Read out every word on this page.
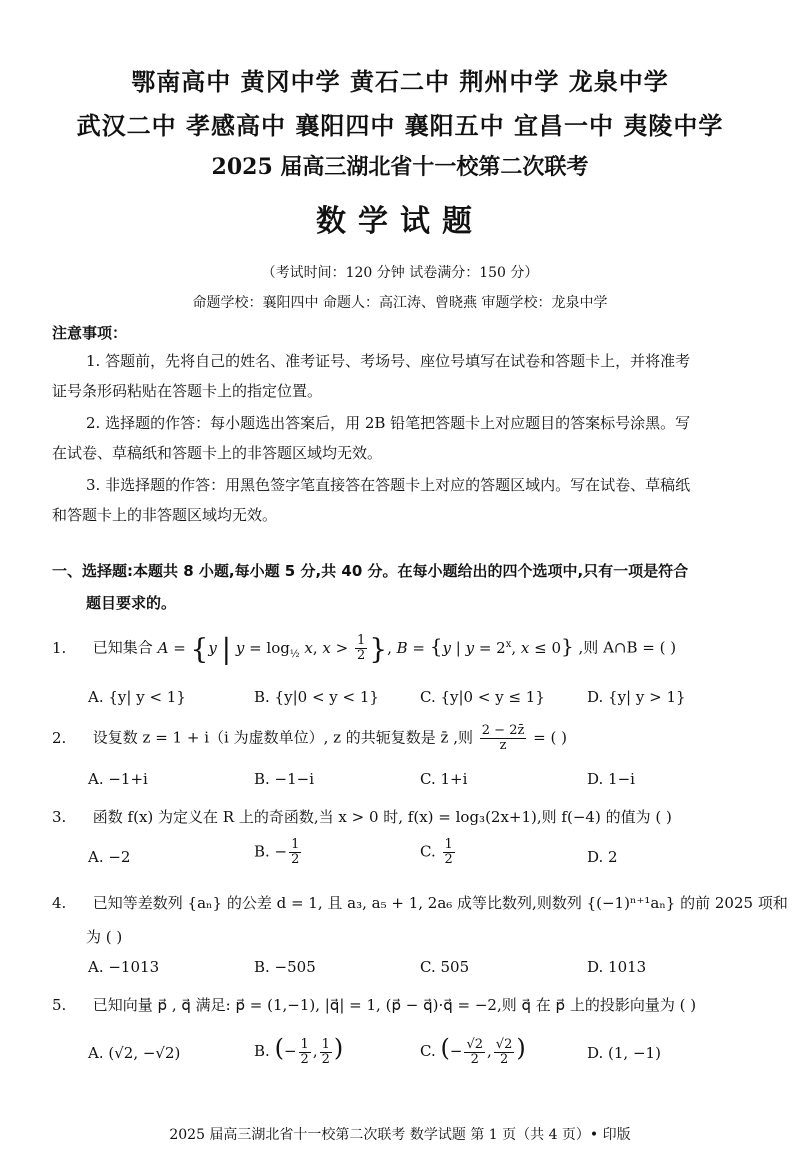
鄂南高中 黄冈中学 黄石二中 荆州中学 龙泉中学
武汉二中 孝感高中 襄阳四中 襄阳五中 宜昌一中 夷陵中学
2025 届高三湖北省十一校第二次联考
数学试题
（考试时间：120 分钟 试卷满分：150 分）
命题学校：襄阳四中 命题人：高江涛、曾晓燕 审题学校：龙泉中学
注意事项：
1. 答题前，先将自己的姓名、准考证号、考场号、座位号填写在试卷和答题卡上，并将准考
证号条形码粘贴在答题卡上的指定位置。
2. 选择题的作答：每小题选出答案后，用 2B 铅笔把答题卡上对应题目的答案标号涂黑。写
在试卷、草稿纸和答题卡上的非答题区域均无效。
3. 非选择题的作答：用黑色签字笔直接答在答题卡上对应的答题区域内。写在试卷、草稿纸
和答题卡上的非答题区域均无效。
一、选择题:本题共 8 小题,每小题 5 分,共 40 分。在每小题给出的四个选项中,只有一项是符合
题目要求的。
1. 已知集合 A = {y | $y = \log_{\frac{1}{2}} x$, $x > \frac{1}{2}$ }, B = {y | $y = 2^x$, x ≤ 0} ,则 A∩B = ( )
A. {y| y < 1}	B. {y|0 < y < 1}	C. {y|0 < y ≤ 1}	D. {y| y > 1}
2. 设复数 z = 1 + i（i 为虚数单位）, z 的共轭复数是 z̄ ,则 $\frac{2 - 2z̄}{z}$ = ( )
A. −1+i	B. −1−i	C. 1+i	D. 1−i
3. 函数 f(x) 为定义在 R 上的奇函数,当 x > 0 时, f(x) = log₃(2x+1),则 f(−4) 的值为 ( )
A. −2	B. − $\frac{1}{2}$	C. $\frac{1}{2}$	D. 2
4. 已知等差数列 {aₙ} 的公差 d = 1, 且 a₃, a₅ + 1, 2a₆ 成等比数列,则数列 {(−1)ⁿ⁺¹aₙ} 的前 2025 项和
为 ( )
A. −1013	B. −505	C. 505	D. 1013
5. 已知向量 p⃗ , q⃗ 满足: p⃗ = (1,−1), |q⃗| = 1, (p⃗ − q⃗)·q⃗ = −2,则 q⃗ 在 p⃗ 上的投影向量为 ( )
A. (√2, −√2)	B. (− $\frac{1}{2}$ , $\frac{1}{2}$ )	C. (− $\frac{√2}{2}$ , $\frac{√2}{2}$ )	D. (1, −1)
2025 届高三湖北省十一校第二次联考 数学试题 第 1 页（共 4 页）• 印版
